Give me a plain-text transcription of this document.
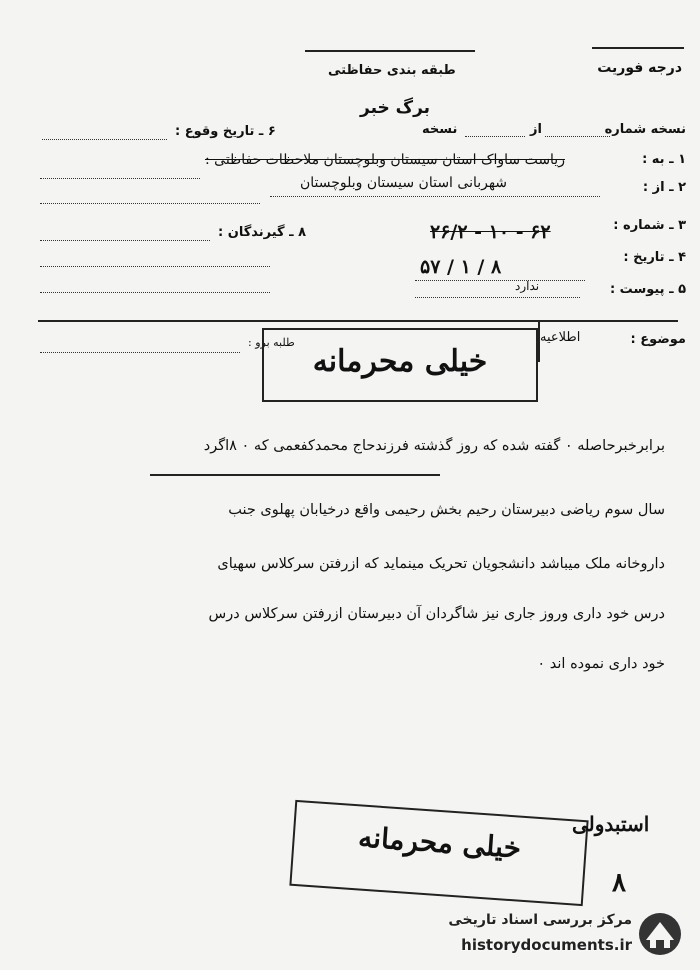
درجه فوریت
طبقه بندی حفاظتی
برگ خبر
نسخه شماره
از
نسخه
۶ ـ تاریخ وقوع :
۱ ـ به :
ریاست ساواک استان سیستان وبلوچستان ملاحظات حفاظتی :
۲ ـ از :
شهربانی استان سیستان وبلوچستان
۳ ـ شماره :
۲۶/۲ - ۱۰ - ۶۲
۸ ـ گیرندگان :
۴ ـ تاریخ :
۵۷ / ۱ / ۸
۵ ـ پیوست :
ندارد
موضوع :
اطلاعیه
طلبه برو :
خیلی محرمانه
برابرخبرحاصله ۰ گفته شده که روز گذشته فرزندحاج محمدکفعمی که ۰ ۸اگرد
سال سوم ریاضی دبیرستان رحیم بخش رحیمی واقع درخیابان پهلوی جنب
داروخانه ملک میباشد دانشجویان تحریک مینماید که ازرفتن سرکلاس سهیای
درس خود داری وروز جاری نیز شاگردان آن دبیرستان ازرفتن سرکلاس درس
خود داری نموده اند ۰
خیلی محرمانه	استبدولی
۸
مرکز بررسی اسناد تاریخی
historydocuments.ir
